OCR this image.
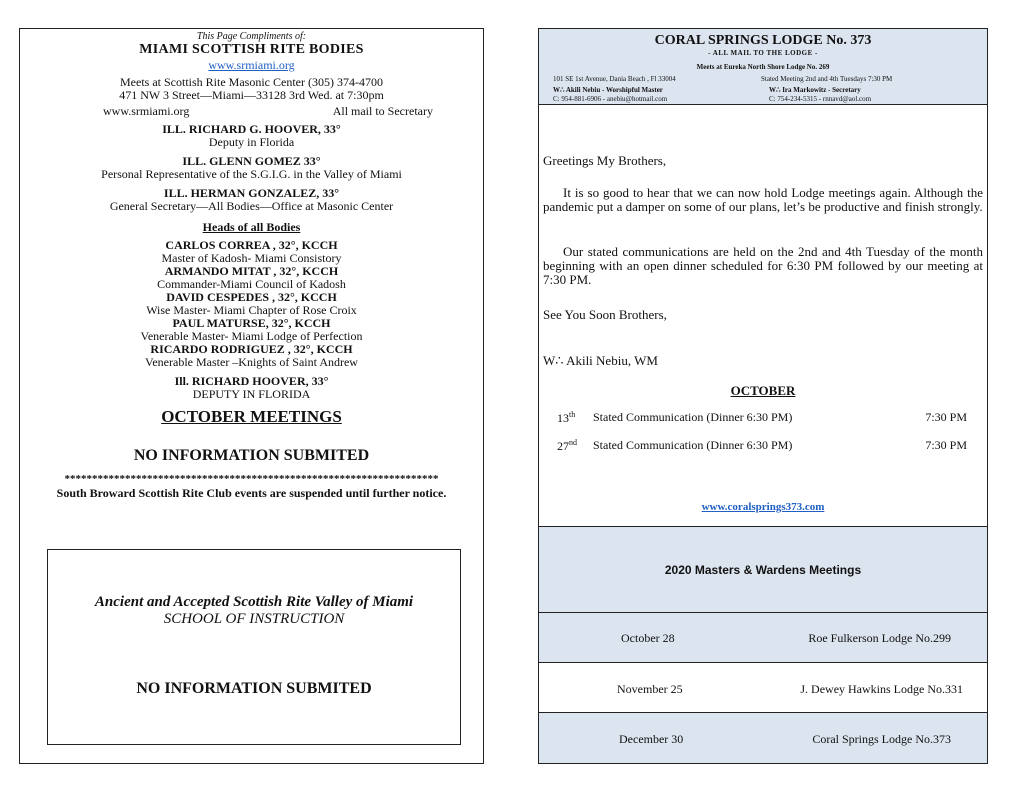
This Page Compliments of:
MIAMI SCOTTISH RITE BODIES
www.srmiami.org
Meets at Scottish Rite Masonic Center (305) 374-4700
471 NW 3 Street—Miami—33128 3rd Wed. at 7:30pm
www.srmiami.org	All mail to Secretary
ILL. RICHARD G. HOOVER, 33°
Deputy in Florida
ILL. GLENN GOMEZ 33°
Personal Representative of the S.G.I.G. in the Valley of Miami
ILL. HERMAN GONZALEZ, 33°
General Secretary—All Bodies—Office at Masonic Center
Heads of all Bodies
CARLOS CORREA , 32°, KCCH
Master of Kadosh- Miami Consistory
ARMANDO MITAT , 32°, KCCH
Commander-Miami Council of Kadosh
DAVID CESPEDES , 32°, KCCH
Wise Master- Miami Chapter of Rose Croix
PAUL MATURSE, 32°, KCCH
Venerable Master- Miami Lodge of Perfection
RICARDO RODRIGUEZ , 32°, KCCH
Venerable Master –Knights of Saint Andrew
Ill. RICHARD HOOVER, 33°
DEPUTY IN FLORIDA
OCTOBER MEETINGS
NO INFORMATION SUBMITED
********************************************************************
South Broward Scottish Rite Club events are suspended until further notice.
Ancient and Accepted Scottish Rite Valley of Miami
SCHOOL OF INSTRUCTION
NO INFORMATION SUBMITED
CORAL SPRINGS LODGE No. 373
- ALL MAIL TO THE LODGE -
Meets at Eureka North Shore Lodge No. 269
101 SE 1st Avenue, Dania Beach , Fl 33004	Stated Meeting 2nd and 4th Tuesdays 7:30 PM
W∴ Akili Nebiu - Worshipful Master	W∴ Ira Markowitz - Secretary
C: 954-881-6906 - anebiu@hotmail.com	C: 754-234-5315 - rnnavd@aol.com
Greetings My Brothers,
It is so good to hear that we can now hold Lodge meetings again. Although the pandemic put a damper on some of our plans, let’s be productive and finish strongly.
Our stated communications are held on the 2nd and 4th Tuesday of the month beginning with an open dinner scheduled for 6:30 PM followed by our meeting at 7:30 PM.
See You Soon Brothers,
W∴ Akili Nebiu, WM
OCTOBER
13th Stated Communication (Dinner 6:30 PM)	7:30 PM
27nd Stated Communication (Dinner 6:30 PM)	7:30 PM
www.coralsprings373.com
2020 Masters & Wardens Meetings
October 28	Roe Fulkerson Lodge No.299
November 25	J. Dewey Hawkins Lodge No.331
December 30	Coral Springs Lodge No.373
